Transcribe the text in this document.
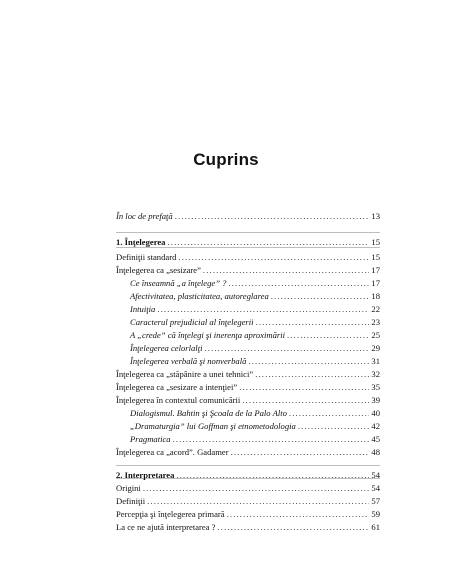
Cuprins
În loc de prefaţă . . .	13
1. Înţelegerea . . .	15
Definiţii standard . . .	15
Înţelegerea ca „sesizare” . . .	17
Ce înseamnă „a înţelege” ? . . .	17
Afectivitatea, plasticitatea, autoreglarea . . .	18
Intuiţia . . .	22
Caracterul prejudicial al înţelegerii . . .	23
A „crede” că înţelegi şi inerenţa aproximării . . .	25
Înţelegerea celorlalţi . . .	29
Înţelegerea verbală şi nonverbală . . .	31
Înţelegerea ca „stăpânire a unei tehnici” . . .	32
Înţelegerea ca „sesizare a intenţiei” . . .	35
Înţelegerea în contextul comunicării . . .	39
Dialogismul. Bahtin şi Şcoala de la Palo Alto . . .	40
„Dramaturgia” lui Goffman şi etnometodologia . . .	42
Pragmatica . . .	45
Înţelegerea ca „acord”. Gadamer . . .	48
2. Interpretarea . . .	54
Origini . . .	54
Definiţii . . .	57
Percepţia şi înţelegerea primară . . .	59
La ce ne ajută interpretarea ? . . .	61
